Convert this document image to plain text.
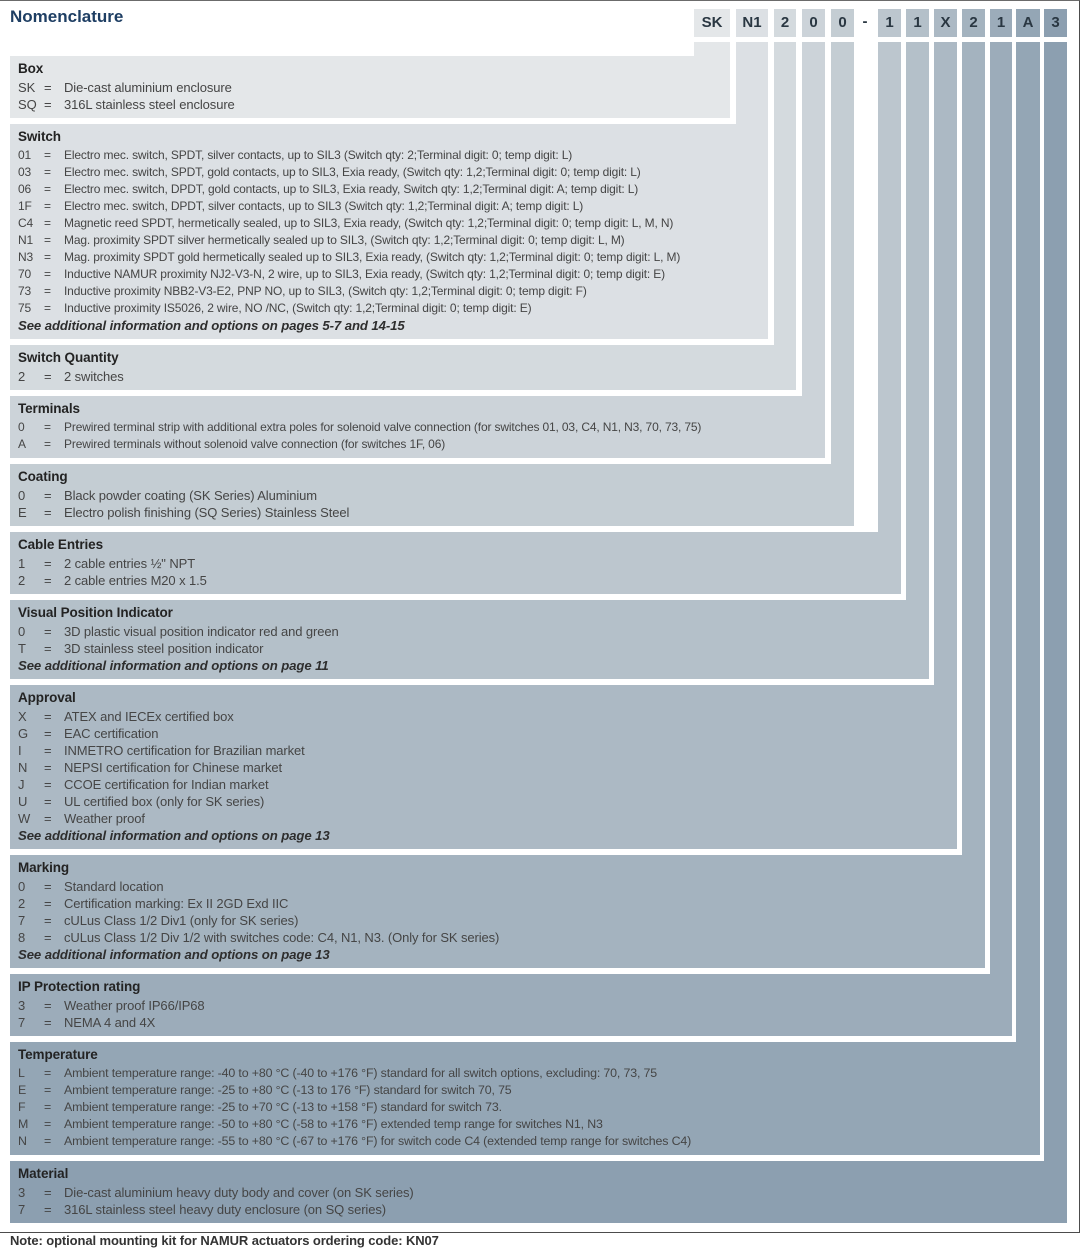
Nomenclature	SK	N1	2	0	0	1	1	X	2	1	A	3
-
Box
SK = Die-cast aluminium enclosure
SQ = 316L stainless steel enclosure
Switch
01	=	Electro mec. switch, SPDT, silver contacts, up to SIL3 (Switch qty: 2;Terminal digit: 0; temp digit: L)
03	=	Electro mec. switch, SPDT, gold contacts, up to SIL3, Exia ready, (Switch qty: 1,2;Terminal digit: 0; temp digit: L)
06	=	Electro mec. switch, DPDT, gold contacts, up to SIL3, Exia ready, Switch qty: 1,2;Terminal digit: A; temp digit: L)
1F	=	Electro mec. switch, DPDT, silver contacts, up to SIL3 (Switch qty: 1,2;Terminal digit: A; temp digit: L)
C4 =	Magnetic reed SPDT, hermetically sealed, up to SIL3, Exia ready, (Switch qty: 1,2;Terminal digit: 0; temp digit: L, M, N)
N1 =	Mag. proximity SPDT silver hermetically sealed up to SIL3, (Switch qty: 1,2;Terminal digit: 0; temp digit: L, M)
N3 =	Mag. proximity SPDT gold hermetically sealed up to SIL3, Exia ready, (Switch qty: 1,2;Terminal digit: 0; temp digit: L, M)
70	=	Inductive NAMUR proximity NJ2-V3-N, 2 wire, up to SIL3, Exia ready, (Switch qty: 1,2;Terminal digit: 0; temp digit: E)
73	=	Inductive proximity NBB2-V3-E2, PNP NO, up to SIL3, (Switch qty: 1,2;Terminal digit: 0; temp digit: F)
75	=	Inductive proximity IS5026, 2 wire, NO /NC, (Switch qty: 1,2;Terminal digit: 0; temp digit: E)
See additional information and options on pages 5-7 and 14-15
Switch Quantity
2	= 2 switches
Terminals
0	=	Prewired terminal strip with additional extra poles for solenoid valve connection (for switches 01, 03, C4, N1, N3, 70, 73, 75)
A	=	Prewired terminals without solenoid valve connection (for switches 1F, 06)
Coating
0	= Black powder coating (SK Series) Aluminium
E	= Electro polish finishing (SQ Series) Stainless Steel
Cable Entries
1	= 2 cable entries ½" NPT
2	= 2 cable entries M20 x 1.5
Visual Position Indicator
0	= 3D plastic visual position indicator red and green
T	= 3D stainless steel position indicator
See additional information and options on page 11
Approval
X	= ATEX and IECEx certified box
G	= EAC certification
I	= INMETRO certification for Brazilian market
N	= NEPSI certification for Chinese market
J	= CCOE certification for Indian market
U	= UL certified box (only for SK series)
W	= Weather proof
See additional information and options on page 13
Marking
0	= Standard location
2	= Certification marking: Ex II 2GD Exd IIC
7	= cULus Class 1/2 Div1 (only for SK series)
8	= cULus Class 1/2 Div 1/2 with switches code: C4, N1, N3. (Only for SK series)
See additional information and options on page 13
IP Protection rating
3	= Weather proof IP66/IP68
7	= NEMA 4 and 4X
Temperature
L	=	Ambient temperature range: -40 to +80 °C (-40 to +176 °F) standard for all switch options, excluding: 70, 73, 75
E	=	Ambient temperature range: -25 to +80 °C (-13 to 176 °F) standard for switch 70, 75
F	=	Ambient temperature range: -25 to +70 °C (-13 to +158 °F) standard for switch 73.
M	=	Ambient temperature range: -50 to +80 °C (-58 to +176 °F) extended temp range for switches N1, N3
N	=	Ambient temperature range: -55 to +80 °C (-67 to +176 °F) for switch code C4 (extended temp range for switches C4)
Material
3	= Die-cast aluminium heavy duty body and cover (on SK series)
7	= 316L stainless steel heavy duty enclosure (on SQ series)
Note: optional mounting kit for NAMUR actuators ordering code: KN07
